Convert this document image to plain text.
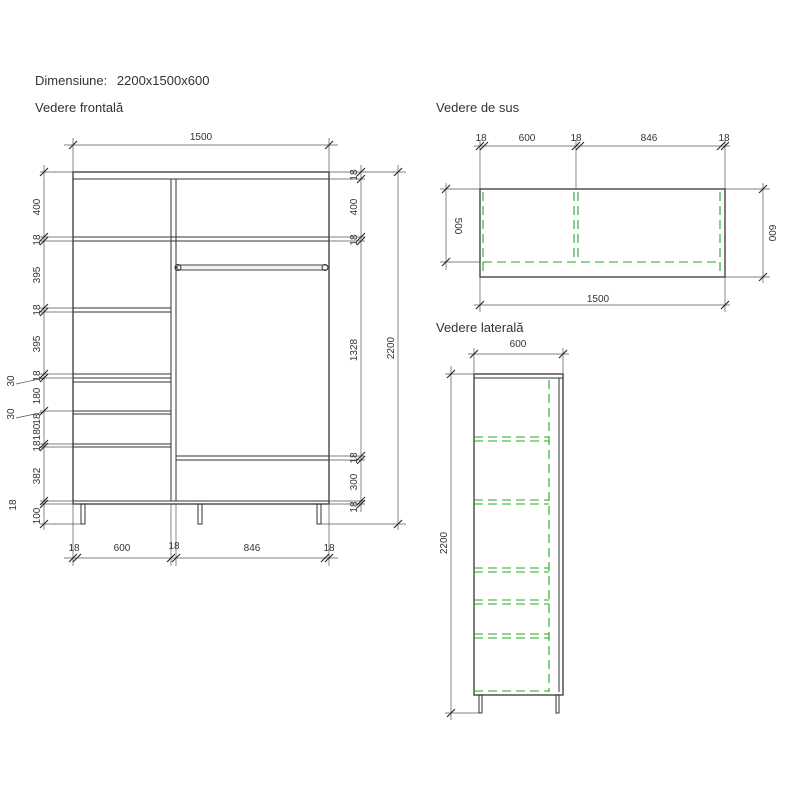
Dimensiune: 2200x1500x600
Vedere frontală	Vedere de sus
Vedere laterală
1500
400
18
395
18
395
18
30
180
30 18
180
18
382
18
100
18
400
18
1328
18
300
18
2200
18	600	18	846	18
18	600	18	846	18
500	600
1500
600
2200
